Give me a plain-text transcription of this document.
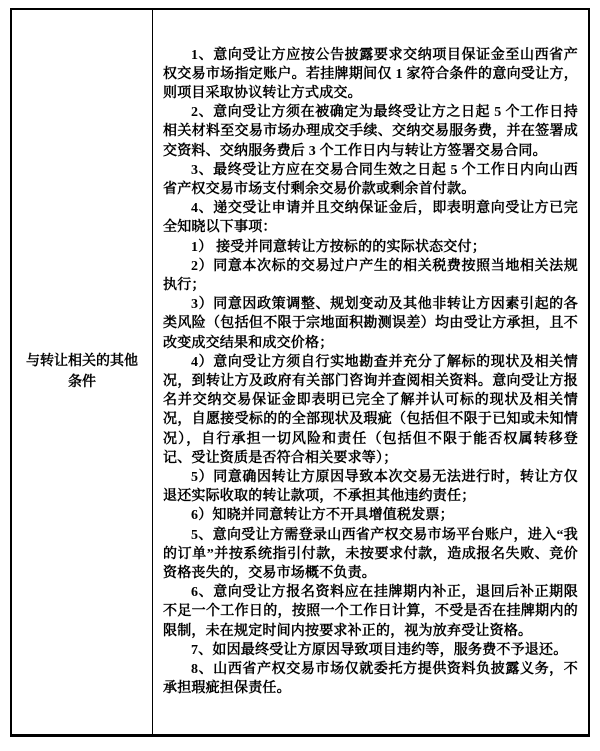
与转让相关的其他条件

1、意向受让方应按公告披露要求交纳项目保证金至山西省产权交易市场指定账户。若挂牌期间仅 1 家符合条件的意向受让方，则项目采取协议转让方式成交。

2、意向受让方须在被确定为最终受让方之日起 5 个工作日持相关材料至交易市场办理成交手续、交纳交易服务费，并在签署成交资料、交纳服务费后 3 个工作日内与转让方签署交易合同。

3、最终受让方应在交易合同生效之日起 5 个工作日内向山西省产权交易市场支付剩余交易价款或剩余首付款。

4、递交受让申请并且交纳保证金后，即表明意向受让方已完全知晓以下事项：

1） 接受并同意转让方按标的的实际状态交付；

2）同意本次标的交易过户产生的相关税费按照当地相关法规执行；

3）同意因政策调整、规划变动及其他非转让方因素引起的各类风险（包括但不限于宗地面积勘测误差）均由受让方承担，且不改变成交结果和成交价格；

4）意向受让方须自行实地勘查并充分了解标的现状及相关情况，到转让方及政府有关部门咨询并查阅相关资料。意向受让方报名并交纳交易保证金即表明已完全了解并认可标的现状及相关情况，自愿接受标的的全部现状及瑕疵（包括但不限于已知或未知情况），自行承担一切风险和责任（包括但不限于能否权属转移登记、受让资质是否符合相关要求等）；

5）同意确因转让方原因导致本次交易无法进行时，转让方仅退还实际收取的转让款项，不承担其他违约责任；

6）知晓并同意转让方不开具增值税发票；

5、意向受让方需登录山西省产权交易市场平台账户，进入“我的订单”并按系统指引付款，未按要求付款，造成报名失败、竞价资格丧失的，交易市场概不负责。

6、意向受让方报名资料应在挂牌期内补正，退回后补正期限不足一个工作日的，按照一个工作日计算，不受是否在挂牌期内的限制，未在规定时间内按要求补正的，视为放弃受让资格。

7、如因最终受让方原因导致项目违约等，服务费不予退还。

8、山西省产权交易市场仅就委托方提供资料负披露义务，不承担瑕疵担保责任。
